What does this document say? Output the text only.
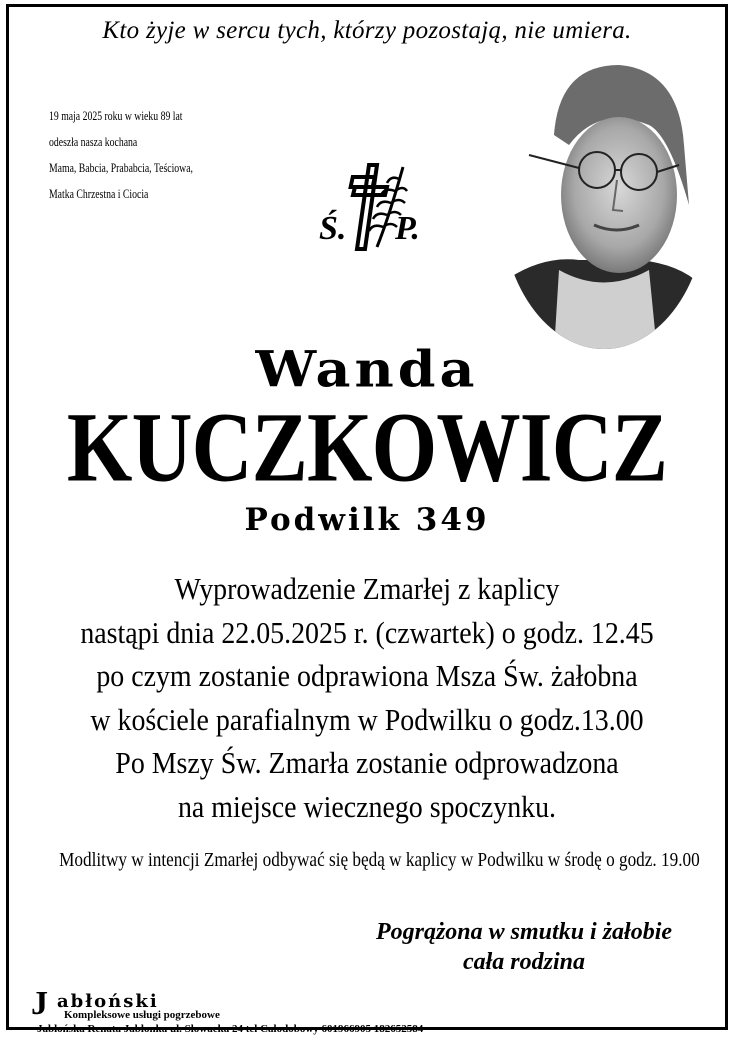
Kto żyje w sercu tych, którzy pozostają, nie umiera.
19 maja 2025 roku w wieku 89 lat
odeszła nasza kochana
Mama, Babcia, Prababcia, Teściowa,
Matka Chrzestna i Ciocia
Ś. P.
Wanda
KUCZKOWICZ
Podwilk 349
Wyprowadzenie Zmarłej z kaplicy
nastąpi dnia 22.05.2025 r. (czwartek) o godz. 12.45
po czym zostanie odprawiona Msza Św. żałobna
w kościele parafialnym w Podwilku o godz.13.00
Po Mszy Św. Zmarła zostanie odprowadzona
na miejsce wiecznego spoczynku.
Modlitwy w intencji Zmarłej odbywać się będą w kaplicy w Podwilku w środę o godz. 19.00
Pogrążona w smutku i żałobie
cała rodzina
J abłoński
Kompleksowe usługi pogrzebowe
Jabłońska Renata Jabłonka ul. Słowacka 24 tel Całodobowy 601966905 182652584
